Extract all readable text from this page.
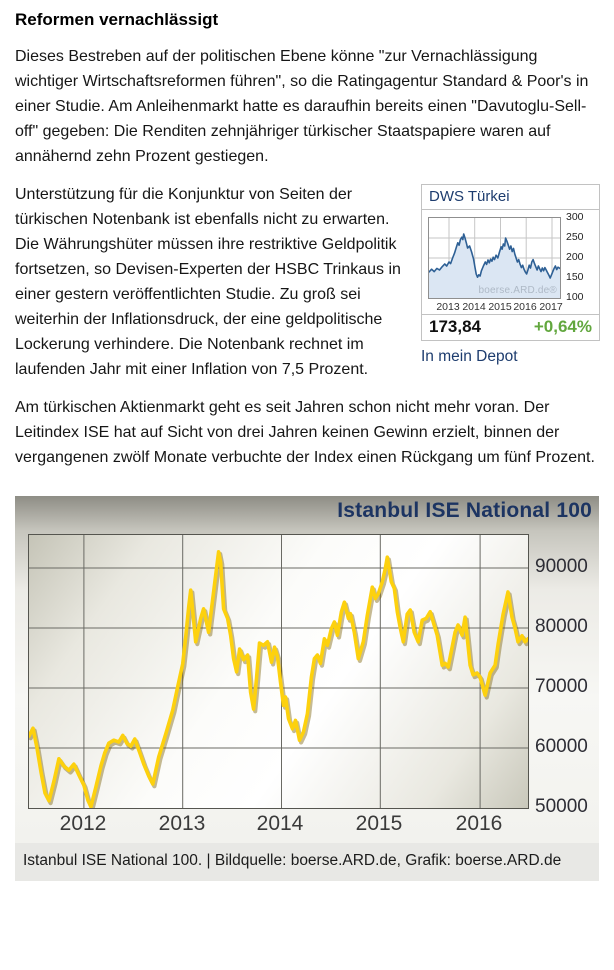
Reformen vernachlässigt

Dieses Bestreben auf der politischen Ebene könne "zur Vernachlässigung wichtiger Wirtschaftsreformen führen", so die Ratingagentur Standard & Poor's in einer Studie. Am Anleihenmarkt hatte es daraufhin bereits einen "Davutoglu-Sell-off" gegeben: Die Renditen zehnjähriger türkischer Staatspapiere waren auf annähernd zehn Prozent gestiegen.

DWS Türkei
boerse.ARD.de®
300
250
200
150
100
2013 2014 2015 2016 2017
173,84	+0,64%
In mein Depot

Unterstützung für die Konjunktur von Seiten der türkischen Notenbank ist ebenfalls nicht zu erwarten. Die Währungshüter müssen ihre restriktive Geldpolitik fortsetzen, so Devisen-Experten der HSBC Trinkaus in einer gestern veröffentlichten Studie. Zu groß sei weiterhin der Inflationsdruck, der eine geldpolitische Lockerung verhindere. Die Notenbank rechnet im laufenden Jahr mit einer Inflation von 7,5 Prozent.

Am türkischen Aktienmarkt geht es seit Jahren schon nicht mehr voran. Der Leitindex ISE hat auf Sicht von drei Jahren keinen Gewinn erzielt, binnen der vergangenen zwölf Monate verbuchte der Index einen Rückgang um fünf Prozent.

Istanbul ISE National 100
90000
80000
70000
60000
50000
2012 2013 2014 2015	2016
Istanbul ISE National 100. | Bildquelle: boerse.ARD.de, Grafik: boerse.ARD.de
